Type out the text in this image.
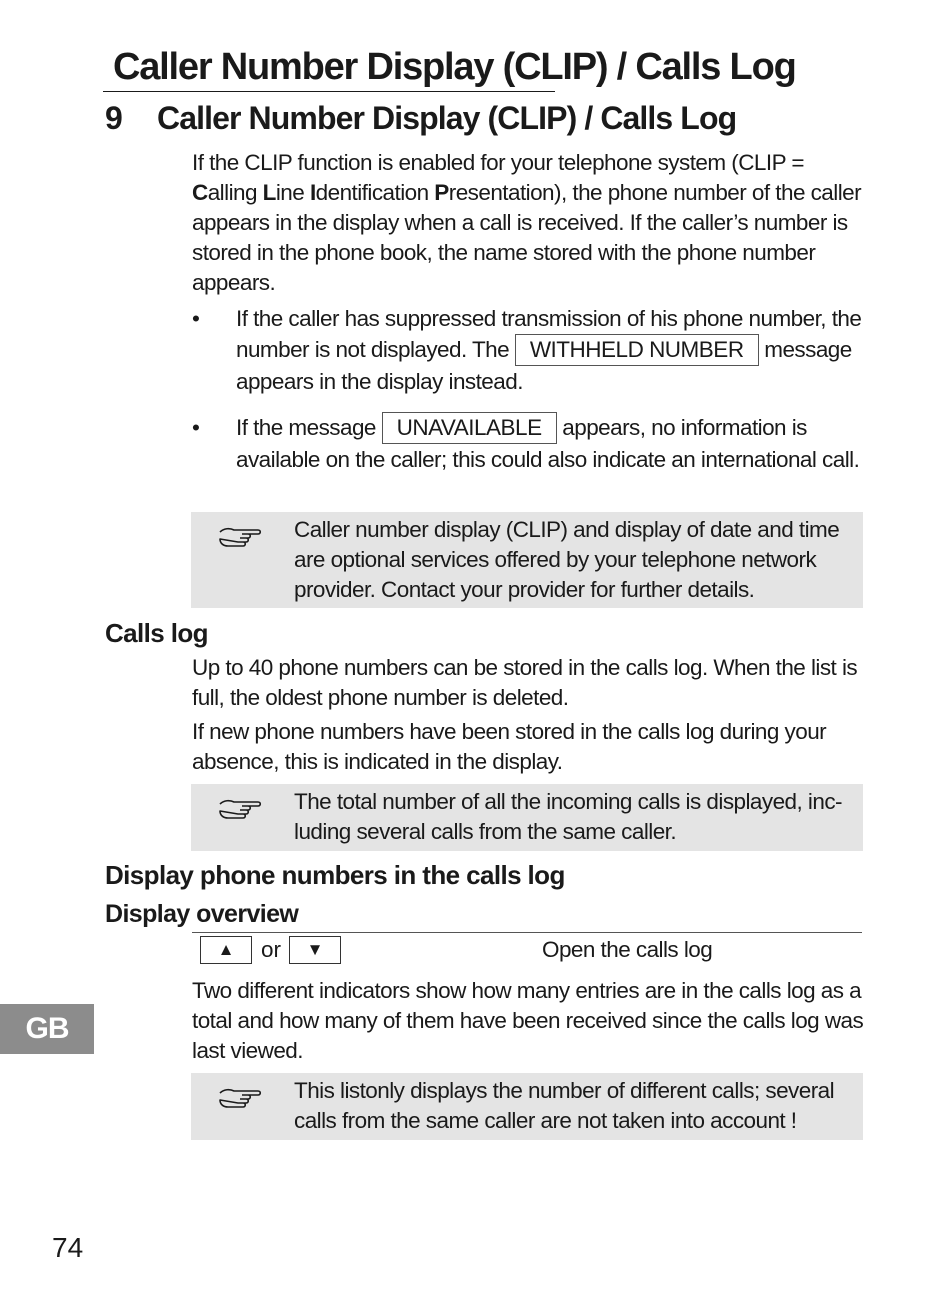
Caller Number Display (CLIP) / Calls Log
9 Caller Number Display (CLIP) / Calls Log

If the CLIP function is enabled for your telephone system (CLIP = Calling Line Identification Presentation), the phone number of the caller appears in the display when a call is received. If the caller’s number is stored in the phone book, the name stored with the phone number appears.

•	If the caller has suppressed transmission of his phone number, the number is not displayed. The WITHHELD NUMBER message appears in the display instead.
•	If the message UNAVAILABLE appears, no information is available on the caller; this could also indicate an international call.
Caller number display (CLIP) and display of date and time are optional services offered by your telephone network provider. Contact your provider for further details.
Calls log

Up to 40 phone numbers can be stored in the calls log. When the list is full, the oldest phone number is deleted.

If new phone numbers have been stored in the calls log during your absence, this is indicated in the display.

The total number of all the incoming calls is displayed, inc-luding several calls from the same caller.
Display phone numbers in the calls log
Display overview
▲	or	▼	Open the calls log

Two different indicators show how many entries are in the calls log as a total and how many of them have been received since the calls log was last viewed.

This listonly displays the number of different calls; several calls from the same caller are not taken into account !
GB
74
